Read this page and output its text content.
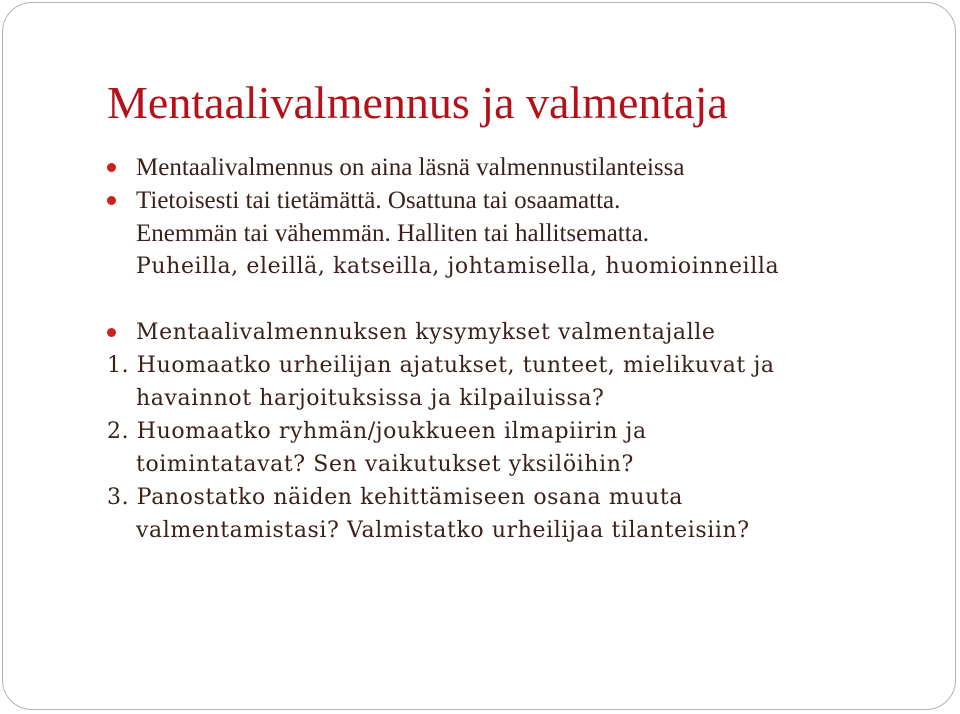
Mentaalivalmennus ja valmentaja
Mentaalivalmennus on aina läsnä valmennustilanteissa
Tietoisesti tai tietämättä. Osattuna tai osaamatta.
Enemmän tai vähemmän. Halliten tai hallitsematta.
Puheilla, eleillä, katseilla, johtamisella, huomioinneilla
Mentaalivalmennuksen kysymykset valmentajalle
1. Huomaatko urheilijan ajatukset, tunteet, mielikuvat ja
havainnot harjoituksissa ja kilpailuissa?
2. Huomaatko ryhmän/joukkueen ilmapiirin ja
toimintatavat? Sen vaikutukset yksilöihin?
3. Panostatko näiden kehittämiseen osana muuta
valmentamistasi? Valmistatko urheilijaa tilanteisiin?
